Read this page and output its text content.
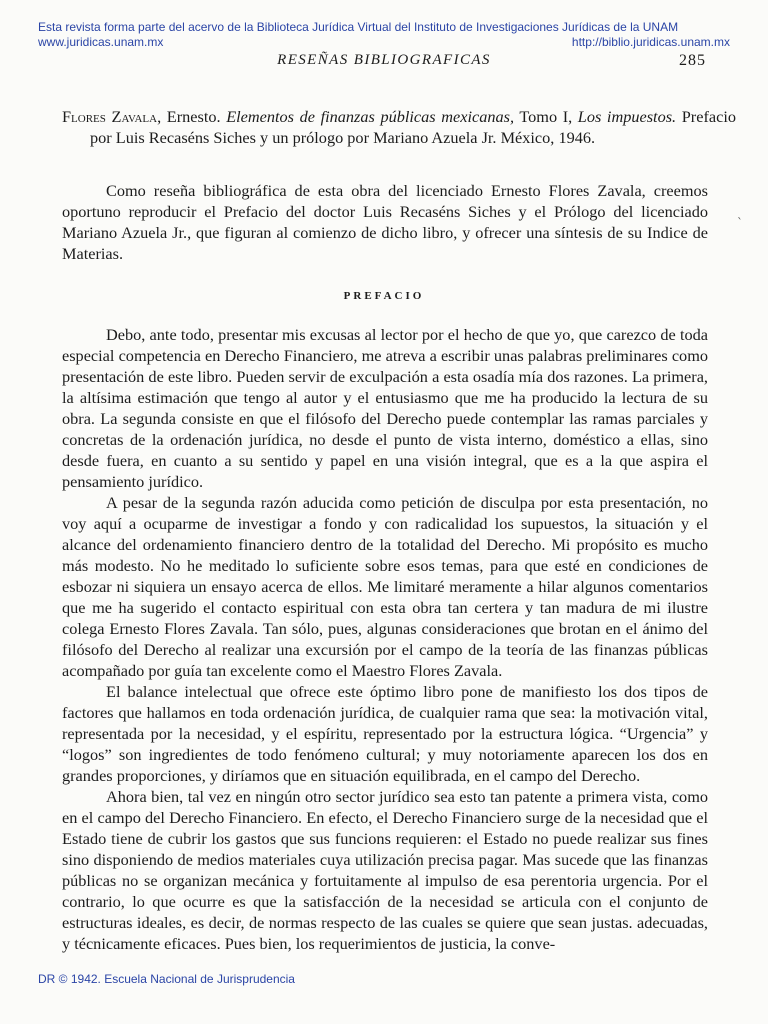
Esta revista forma parte del acervo de la Biblioteca Jurídica Virtual del Instituto de Investigaciones Jurídicas de la UNAM
www.juridicas.unam.mx	http://biblio.juridicas.unam.mx
RESEÑAS BIBLIOGRAFICAS	285
Flores Zavala, Ernesto. Elementos de finanzas públicas mexicanas, Tomo I, Los impuestos. Prefacio por Luis Recaséns Siches y un prólogo por Mariano Azuela Jr. México, 1946.

Como reseña bibliográfica de esta obra del licenciado Ernesto Flores Zavala, creemos oportuno reproducir el Prefacio del doctor Luis Recaséns Siches y el Prólogo del licenciado Mariano Azuela Jr., que figuran al comienzo de dicho libro, y ofrecer una síntesis de su Indice de Materias.

`
PREFACIO

Debo, ante todo, presentar mis excusas al lector por el hecho de que yo, que carezco de toda especial competencia en Derecho Financiero, me atreva a escribir unas palabras preliminares como presentación de este libro. Pueden servir de exculpación a esta osadía mía dos razones. La primera, la altísima estimación que tengo al autor y el entusiasmo que me ha producido la lectura de su obra. La segunda consiste en que el filósofo del Derecho puede contemplar las ramas parciales y concretas de la ordenación jurídica, no desde el punto de vista interno, doméstico a ellas, sino desde fuera, en cuanto a su sentido y papel en una visión integral, que es a la que aspira el pensamiento jurídico.

A pesar de la segunda razón aducida como petición de disculpa por esta presentación, no voy aquí a ocuparme de investigar a fondo y con radicalidad los supuestos, la situación y el alcance del ordenamiento financiero dentro de la totalidad del Derecho. Mi propósito es mucho más modesto. No he meditado lo suficiente sobre esos temas, para que esté en condiciones de esbozar ni siquiera un ensayo acerca de ellos. Me limitaré meramente a hilar algunos comentarios que me ha sugerido el contacto espiritual con esta obra tan certera y tan madura de mi ilustre colega Ernesto Flores Zavala. Tan sólo, pues, algunas consideraciones que brotan en el ánimo del filósofo del Derecho al realizar una excursión por el campo de la teoría de las finanzas públicas acompañado por guía tan excelente como el Maestro Flores Zavala.

El balance intelectual que ofrece este óptimo libro pone de manifiesto los dos tipos de factores que hallamos en toda ordenación jurídica, de cualquier rama que sea: la motivación vital, representada por la necesidad, y el espíritu, representado por la estructura lógica. “Urgencia” y “logos” son ingredientes de todo fenómeno cultural; y muy notoriamente aparecen los dos en grandes proporciones, y diríamos que en situación equilibrada, en el campo del Derecho.

Ahora bien, tal vez en ningún otro sector jurídico sea esto tan patente a primera vista, como en el campo del Derecho Financiero. En efecto, el Derecho Financiero surge de la necesidad que el Estado tiene de cubrir los gastos que sus funcions requieren: el Estado no puede realizar sus fines sino disponiendo de medios materiales cuya utilización precisa pagar. Mas sucede que las finanzas públicas no se organizan mecánica y fortuitamente al impulso de esa perentoria urgencia. Por el contrario, lo que ocurre es que la satisfacción de la necesidad se articula con el conjunto de estructuras ideales, es decir, de normas respecto de las cuales se quiere que sean justas. adecuadas, y técnicamente eficaces. Pues bien, los requerimientos de justicia, la conve-

DR © 1942. Escuela Nacional de Jurisprudencia
